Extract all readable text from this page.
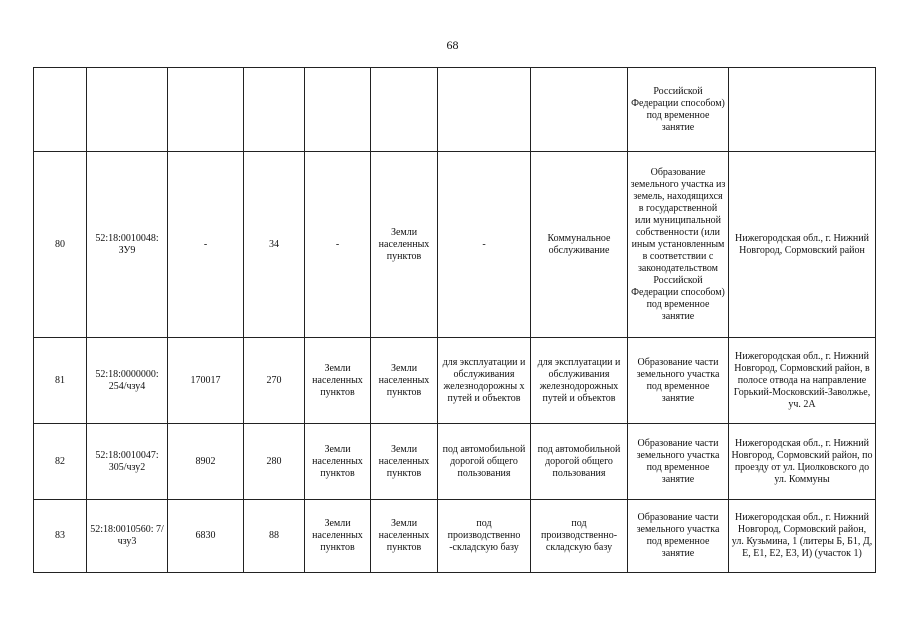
68
								Российской Федерации способом) под временное занятие	
80	52:18:0010048: ЗУ9	-	34	-	Земли населенных пунктов	-	Коммунальное обслуживание	Образование земельного участка из земель, находящихся в государственной или муниципальной собственности (или иным установленным в соответствии с законодательством Российской Федерации способом) под временное занятие	Нижегородская обл., г. Нижний Новгород, Сормовский район
81	52:18:0000000: 254/чзу4	170017	270	Земли населенных пунктов	Земли населенных пунктов	для эксплуатации и обслуживания железнодорожны х путей и объектов	для эксплуатации и обслуживания железнодорожных путей и объектов	Образование части земельного участка под временное занятие	Нижегородская обл., г. Нижний Новгород, Сормовский район, в полосе отвода на направление Горький-Московский-Заволжье, уч. 2А
82	52:18:0010047: 305/чзу2	8902	280	Земли населенных пунктов	Земли населенных пунктов	под автомобильной дорогой общего пользования	под автомобильной дорогой общего пользования	Образование части земельного участка под временное занятие	Нижегородская обл., г. Нижний Новгород, Сормовский район, по проезду от ул. Циолковского до ул. Коммуны
83	52:18:0010560: 7/чзу3	6830	88	Земли населенных пунктов	Земли населенных пунктов	под производственно -складскую базу	под производственно-складскую базу	Образование части земельного участка под временное занятие	Нижегородская обл., г. Нижний Новгород, Сормовский район, ул. Кузьмина, 1 (литеры Б, Б1, Д, Е, Е1, Е2, Е3, И) (участок 1)
